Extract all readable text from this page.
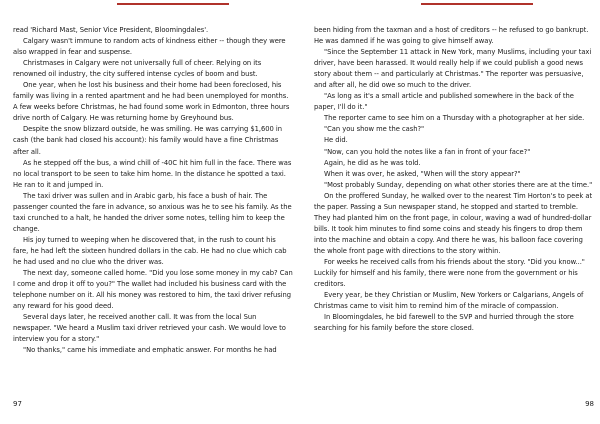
read 'Richard Mast, Senior Vice President, Bloomingdales'.

Calgary wasn't immune to random acts of kindness either -- though they were also wrapped in fear and suspense.

Christmases in Calgary were not universally full of cheer. Relying on its renowned oil industry, the city suffered intense cycles of boom and bust.

One year, when he lost his business and their home had been foreclosed, his family was living in a rented apartment and he had been unemployed for months. A few weeks before Christmas, he had found some work in Edmonton, three hours drive north of Calgary. He was returning home by Greyhound bus.

Despite the snow blizzard outside, he was smiling. He was carrying $1,600 in cash (the bank had closed his account): his family would have a fine Christmas after all.

As he stepped off the bus, a wind chill of -40C hit him full in the face. There was no local transport to be seen to take him home. In the distance he spotted a taxi. He ran to it and jumped in.

The taxi driver was sullen and in Arabic garb, his face a bush of hair. The passenger counted the fare in advance, so anxious was he to see his family. As the taxi crunched to a halt, he handed the driver some notes, telling him to keep the change.

His joy turned to weeping when he discovered that, in the rush to count his fare, he had left the sixteen hundred dollars in the cab. He had no clue which cab he had used and no clue who the driver was.

The next day, someone called home. "Did you lose some money in my cab? Can I come and drop it off to you?" The wallet had included his business card with the telephone number on it. All his money was restored to him, the taxi driver refusing any reward for his good deed.

Several days later, he received another call. It was from the local Sun newspaper. "We heard a Muslim taxi driver retrieved your cash. We would love to interview you for a story."

"No thanks," came his immediate and emphatic answer. For months he had

97

been hiding from the taxman and a host of creditors -- he refused to go bankrupt. He was damned if he was going to give himself away.

"Since the September 11 attack in New York, many Muslims, including your taxi driver, have been harassed. It would really help if we could publish a good news story about them -- and particularly at Christmas." The reporter was persuasive, and after all, he did owe so much to the driver.

"As long as it's a small article and published somewhere in the back of the paper, I'll do it."

The reporter came to see him on a Thursday with a photographer at her side.

"Can you show me the cash?"

He did.

"Now, can you hold the notes like a fan in front of your face?"

Again, he did as he was told.

When it was over, he asked, "When will the story appear?"

"Most probably Sunday, depending on what other stories there are at the time."

On the proffered Sunday, he walked over to the nearest Tim Horton's to peek at the paper. Passing a Sun newspaper stand, he stopped and started to tremble. They had planted him on the front page, in colour, waving a wad of hundred-dollar bills. It took him minutes to find some coins and steady his fingers to drop them into the machine and obtain a copy. And there he was, his balloon face covering the whole front page with directions to the story within.

For weeks he received calls from his friends about the story. "Did you know..." Luckily for himself and his family, there were none from the government or his creditors.

Every year, be they Christian or Muslim, New Yorkers or Calgarians, Angels of Christmas came to visit him to remind him of the miracle of compassion.

In Bloomingdales, he bid farewell to the SVP and hurried through the store searching for his family before the store closed.

98
